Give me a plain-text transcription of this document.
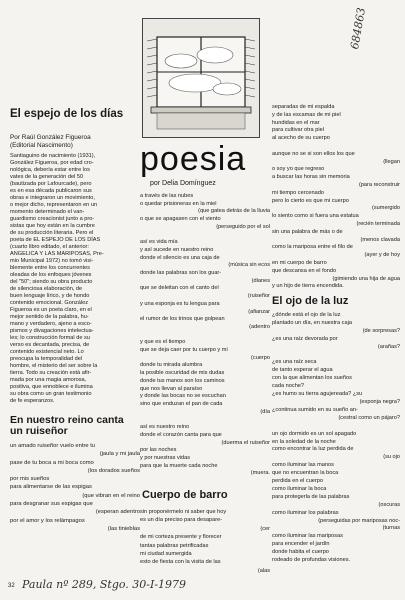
684863
poesia
por Delia Domínguez
El espejo de los días
Por Raúl González Figueroa
(Editorial Nascimento)

Santiaguino de nacimiento (1931),

González Figueroa, por edad cro-

nológica, debería estar entre los

vates de la generación del 50

(bautizada por Lafourcade), pero

es en esa década publicaron sus

obras e integraron un movimiento,

o mejor dicho, representaron en un

momento determinado el van-

guardismo creacionist junto a pro-

sistas que hoy están en la cumbre

de su producción literaria. Pero el

poeta de EL ESPEJO DE LOS DÍAS

(cuarto libro editado, el anterior:

ANGELICA Y LAS MARIPOSAS, Pre-

mio Municipal 1972) no tomó visi-

blemente entre los concurrentes

oleadas de los enfoques jóvenes

del "50"; siendo su obra producto

de silenciosa elaboración, de

buen lenguaje lírico, y de hondo

contenido emocional. González

Figueroa es un poeta claro, en el

mejor sentido de la palabra, hu-

mano y verdadero, ajeno a esco-

pismos y divagaciones intelectua-

les; lo construcción formal de su

verso es decantada, precisa, de

contenido existencial neto. Lo

preocupa la temporalidad del

hombre, el misterio del ser sobre la

tierra. Todo su creación está afir-

mada por una magia amorosa,

positiva, que ennoblece e ilumina

su obra como un gran testimonio

de fe esperanzos.

En nuestro reino canta un ruiseñor

un amado ruiseñor vuelo entre tu

(jaula y mi jaula

pase de tu boca a mi boca como

(los dorados sueños

por mis sueños

para alimentarse de las espigas

(que vibran en el reino

para desgranar sus espigas que

(esperan adentro

por el amor y los relámpagos

(las tinieblas

a través de las nubes

o quedar prisioneras en la miel

(que gatea detrás de la lluvia

o que se apagasen con el viento

(perseguido por el sol

así es vida mía

y así sucede en nuestro reino

donde el silencio es una caja de

(música sin ecos

donde las palabras son los guar-

(dianes

que se deleitan con el canto del

(ruiseñor

y una esponja es tu lengua para

(afianzar

el rumor de los trinos que golpean

(adentro

y que es el tiempo

que se deja caer por tu cuerpo y mi

(cuerpo

donde tu mirada alumbra

la posible oscuridad de mis dudas

donde tus manos son los caminos

que nos llevan al paraíso

y donde las bocas no se escuchan

sino que enduzan el pan de cada

(día

así es nuestro reino

donde el corazón canta para que

(duerma el ruiseñor

por las noches

y por nuestras vidas

para que la muerte cada noche

(muera.

Cuerpo de barro

sin proponérmelo ni saber que hoy

es un día preciso para desapare-

(cer

de mi corteza presente y florecer

tantas palabras petrificadas

mi ciudad sumergida

esto de fiesta con la visita de las

(alas

separadas de mi espalda

y de las escamas de mi piel

hundidas en el mar

para cultivar otra piel

al acecho de su cuerpo

aunque no se si son ellos los que

(llegan

o soy yo que regreso

a buscar las horas sin memoria

(para reconstruir

mi tiempo cercenado

pero lo cierto es que mi cuerpo

(sumergido

lo siento como si fuera una estatua

(recién terminada

sin una palabra de más o de

(menos clavada

como la mariposa entre el filo de

(ayer y de hoy

en mi cuerpo de barro

que descansa en el fondo

(gimiendo una hija de agua

y un hijo de tierra encendida.

El ojo de la luz

¿dónde está el ojo de la luz

plantado un día, en nuestra caja

(de sorpresas?

¿es una raíz devorada por

(arañas?

¿es una raíz seca

de tanto esperar el agua

con la que alimentan los sueños

cada noche?

¿es humo su tierra agujereada? ¿su

(esponja negra?

¿continua sumido en su sueño an-

(cestral como un pájaro?

un ojo dormido es un sol apagado

en la soledad de la noche

como encontrar la luz perdida de

(su ojo

como iluminar las manos

que no encuentran la boca

perdida en el cuerpo

como iluminar la boca

para protegerla de las palabras

(oscuras

como iluminar los palabras

(perseguidas por mariposas noc-

(turnas

como iluminar las mariposas

para encender el jardín

donde habita el cuerpo

rodeado de profundas visiones.

32 Paula nº 289, Stgo. 30-I-1979
